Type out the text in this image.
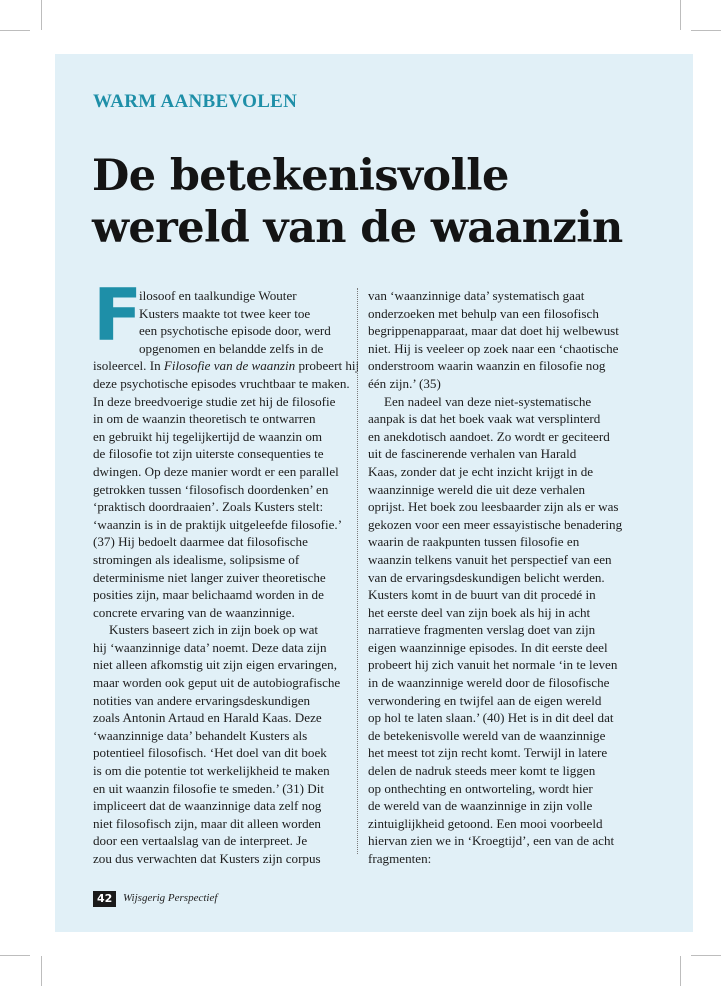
WARM AANBEVOLEN
De betekenisvolle
wereld van de waanzin
F
ilosoof en taalkundige Wouter
Kusters maakte tot twee keer toe
een psychotische episode door, werd
opgenomen en belandde zelfs in de
isoleercel. In Filosofie van de waanzin probeert hij
deze psychotische episodes vruchtbaar te maken.
In deze breedvoerige studie zet hij de filosofie
in om de waanzin theoretisch te ontwarren
en gebruikt hij tegelijkertijd de waanzin om
de filosofie tot zijn uiterste consequenties te
dwingen. Op deze manier wordt er een parallel
getrokken tussen ‘filosofisch doordenken’ en
‘praktisch doordraaien’. Zoals Kusters stelt:
‘waanzin is in de praktijk uitgeleefde filosofie.’
(37) Hij bedoelt daarmee dat filosofische
stromingen als idealisme, solipsisme of
determinisme niet langer zuiver theoretische
posities zijn, maar belichaamd worden in de
concrete ervaring van de waanzinnige.
Kusters baseert zich in zijn boek op wat
hij ‘waanzinnige data’ noemt. Deze data zijn
niet alleen afkomstig uit zijn eigen ervaringen,
maar worden ook geput uit de autobiografische
notities van andere ervaringsdeskundigen
zoals Antonin Artaud en Harald Kaas. Deze
‘waanzinnige data’ behandelt Kusters als
potentieel filosofisch. ‘Het doel van dit boek
is om die potentie tot werkelijkheid te maken
en uit waanzin filosofie te smeden.’ (31) Dit
impliceert dat de waanzinnige data zelf nog
niet filosofisch zijn, maar dit alleen worden
door een vertaalslag van de interpreet. Je
zou dus verwachten dat Kusters zijn corpus
van ‘waanzinnige data’ systematisch gaat
onderzoeken met behulp van een filosofisch
begrippenapparaat, maar dat doet hij welbewust
niet. Hij is veeleer op zoek naar een ‘chaotische
onderstroom waarin waanzin en filosofie nog
één zijn.’ (35)
Een nadeel van deze niet-systematische
aanpak is dat het boek vaak wat versplinterd
en anekdotisch aandoet. Zo wordt er geciteerd
uit de fascinerende verhalen van Harald
Kaas, zonder dat je echt inzicht krijgt in de
waanzinnige wereld die uit deze verhalen
oprijst. Het boek zou leesbaarder zijn als er was
gekozen voor een meer essayistische benadering
waarin de raakpunten tussen filosofie en
waanzin telkens vanuit het perspectief van een
van de ervaringsdeskundigen belicht werden.
Kusters komt in de buurt van dit procedé in
het eerste deel van zijn boek als hij in acht
narratieve fragmenten verslag doet van zijn
eigen waanzinnige episodes. In dit eerste deel
probeert hij zich vanuit het normale ‘in te leven
in de waanzinnige wereld door de filosofische
verwondering en twijfel aan de eigen wereld
op hol te laten slaan.’ (40) Het is in dit deel dat
de betekenisvolle wereld van de waanzinnige
het meest tot zijn recht komt. Terwijl in latere
delen de nadruk steeds meer komt te liggen
op onthechting en ontworteling, wordt hier
de wereld van de waanzinnige in zijn volle
zintuiglijkheid getoond. Een mooi voorbeeld
hiervan zien we in ‘Kroegtijd’, een van de acht
fragmenten:
42 Wijsgerig Perspectief
